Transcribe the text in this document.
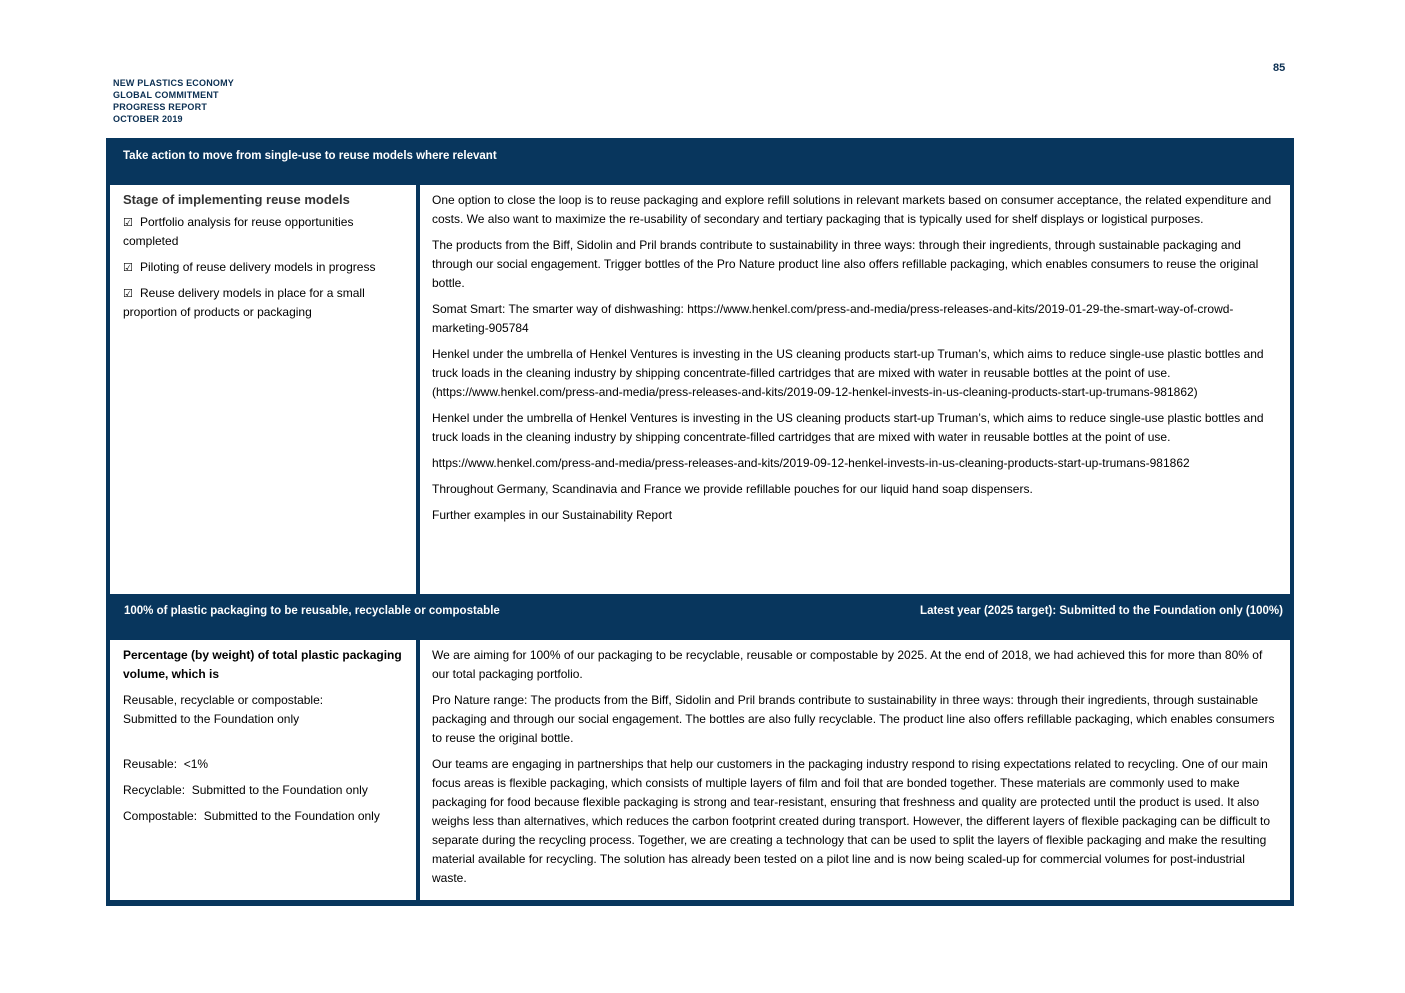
NEW PLASTICS ECONOMY
GLOBAL COMMITMENT
PROGRESS REPORT
OCTOBER 2019
85
Take action to move from single-use to reuse models where relevant
Stage of implementing reuse models

☑ Portfolio analysis for reuse opportunities completed

☑ Piloting of reuse delivery models in progress

☑ Reuse delivery models in place for a small proportion of products or packaging

One option to close the loop is to reuse packaging and explore refill solutions in relevant markets based on consumer acceptance, the related expenditure and costs. We also want to maximize the re-usability of secondary and tertiary packaging that is typically used for shelf displays or logistical purposes.

The products from the Biff, Sidolin and Pril brands contribute to sustainability in three ways: through their ingredients, through sustainable packaging and through our social engagement. Trigger bottles of the Pro Nature product line also offers refillable packaging, which enables consumers to reuse the original bottle.

Somat Smart: The smarter way of dishwashing: https://www.henkel.com/press-and-media/press-releases-and-kits/2019-01-29-the-smart-way-of-crowd-marketing-905784

Henkel under the umbrella of Henkel Ventures is investing in the US cleaning products start-up Truman’s, which aims to reduce single-use plastic bottles and truck loads in the cleaning industry by shipping concentrate-filled cartridges that are mixed with water in reusable bottles at the point of use. (https://www.henkel.com/press-and-media/press-releases-and-kits/2019-09-12-henkel-invests-in-us-cleaning-products-start-up-trumans-981862)

Henkel under the umbrella of Henkel Ventures is investing in the US cleaning products start-up Truman’s, which aims to reduce single-use plastic bottles and truck loads in the cleaning industry by shipping concentrate-filled cartridges that are mixed with water in reusable bottles at the point of use.

https://www.henkel.com/press-and-media/press-releases-and-kits/2019-09-12-henkel-invests-in-us-cleaning-products-start-up-trumans-981862

Throughout Germany, Scandinavia and France we provide refillable pouches for our liquid hand soap dispensers.

Further examples in our Sustainability Report

100% of plastic packaging to be reusable, recyclable or compostable	Latest year (2025 target): Submitted to the Foundation only (100%)

Percentage (by weight) of total plastic packaging volume, which is

Reusable, recyclable or compostable:
Submitted to the Foundation only

Reusable: <1%

Recyclable: Submitted to the Foundation only

Compostable: Submitted to the Foundation only

We are aiming for 100% of our packaging to be recyclable, reusable or compostable by 2025. At the end of 2018, we had achieved this for more than 80% of our total packaging portfolio.

Pro Nature range: The products from the Biff, Sidolin and Pril brands contribute to sustainability in three ways: through their ingredients, through sustainable packaging and through our social engagement. The bottles are also fully recyclable. The product line also offers refillable packaging, which enables consumers to reuse the original bottle.

Our teams are engaging in partnerships that help our customers in the packaging industry respond to rising expectations related to recycling. One of our main focus areas is flexible packaging, which consists of multiple layers of film and foil that are bonded together. These materials are commonly used to make packaging for food because flexible packaging is strong and tear-resistant, ensuring that freshness and quality are protected until the product is used. It also weighs less than alternatives, which reduces the carbon footprint created during transport. However, the different layers of flexible packaging can be difficult to separate during the recycling process. Together, we are creating a technology that can be used to split the layers of flexible packaging and make the resulting material available for recycling. The solution has already been tested on a pilot line and is now being scaled-up for commercial volumes for post-industrial waste.
